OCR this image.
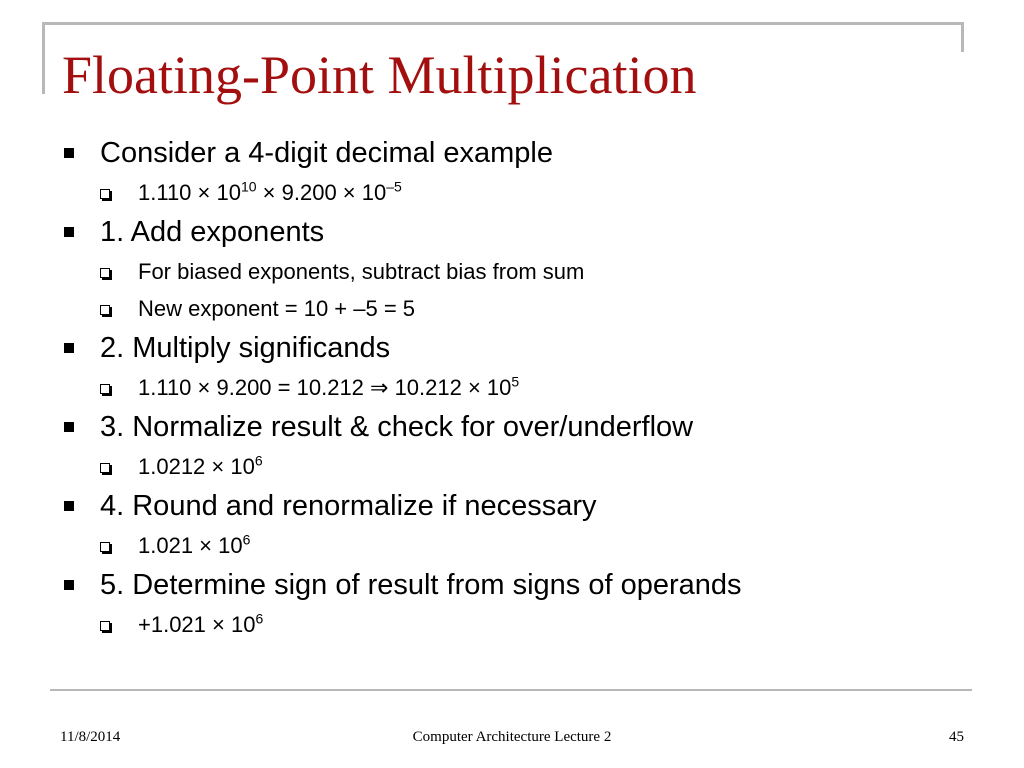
Floating-Point Multiplication
Consider a 4-digit decimal example
$1.110 \times 10^{10} \times 9.200 \times 10^{-5}$
1. Add exponents
For biased exponents, subtract bias from sum
New exponent = 10 + –5 = 5
2. Multiply significands
1.110 × 9.200 = 10.212 ⇒ $10.212 \times 10^5$
3. Normalize result & check for over/underflow
$1.0212 \times 10^6$
4. Round and renormalize if necessary
$1.021 \times 10^6$
5. Determine sign of result from signs of operands
$+1.021 \times 10^6$
11/8/2014	Computer Architecture Lecture 2	45
